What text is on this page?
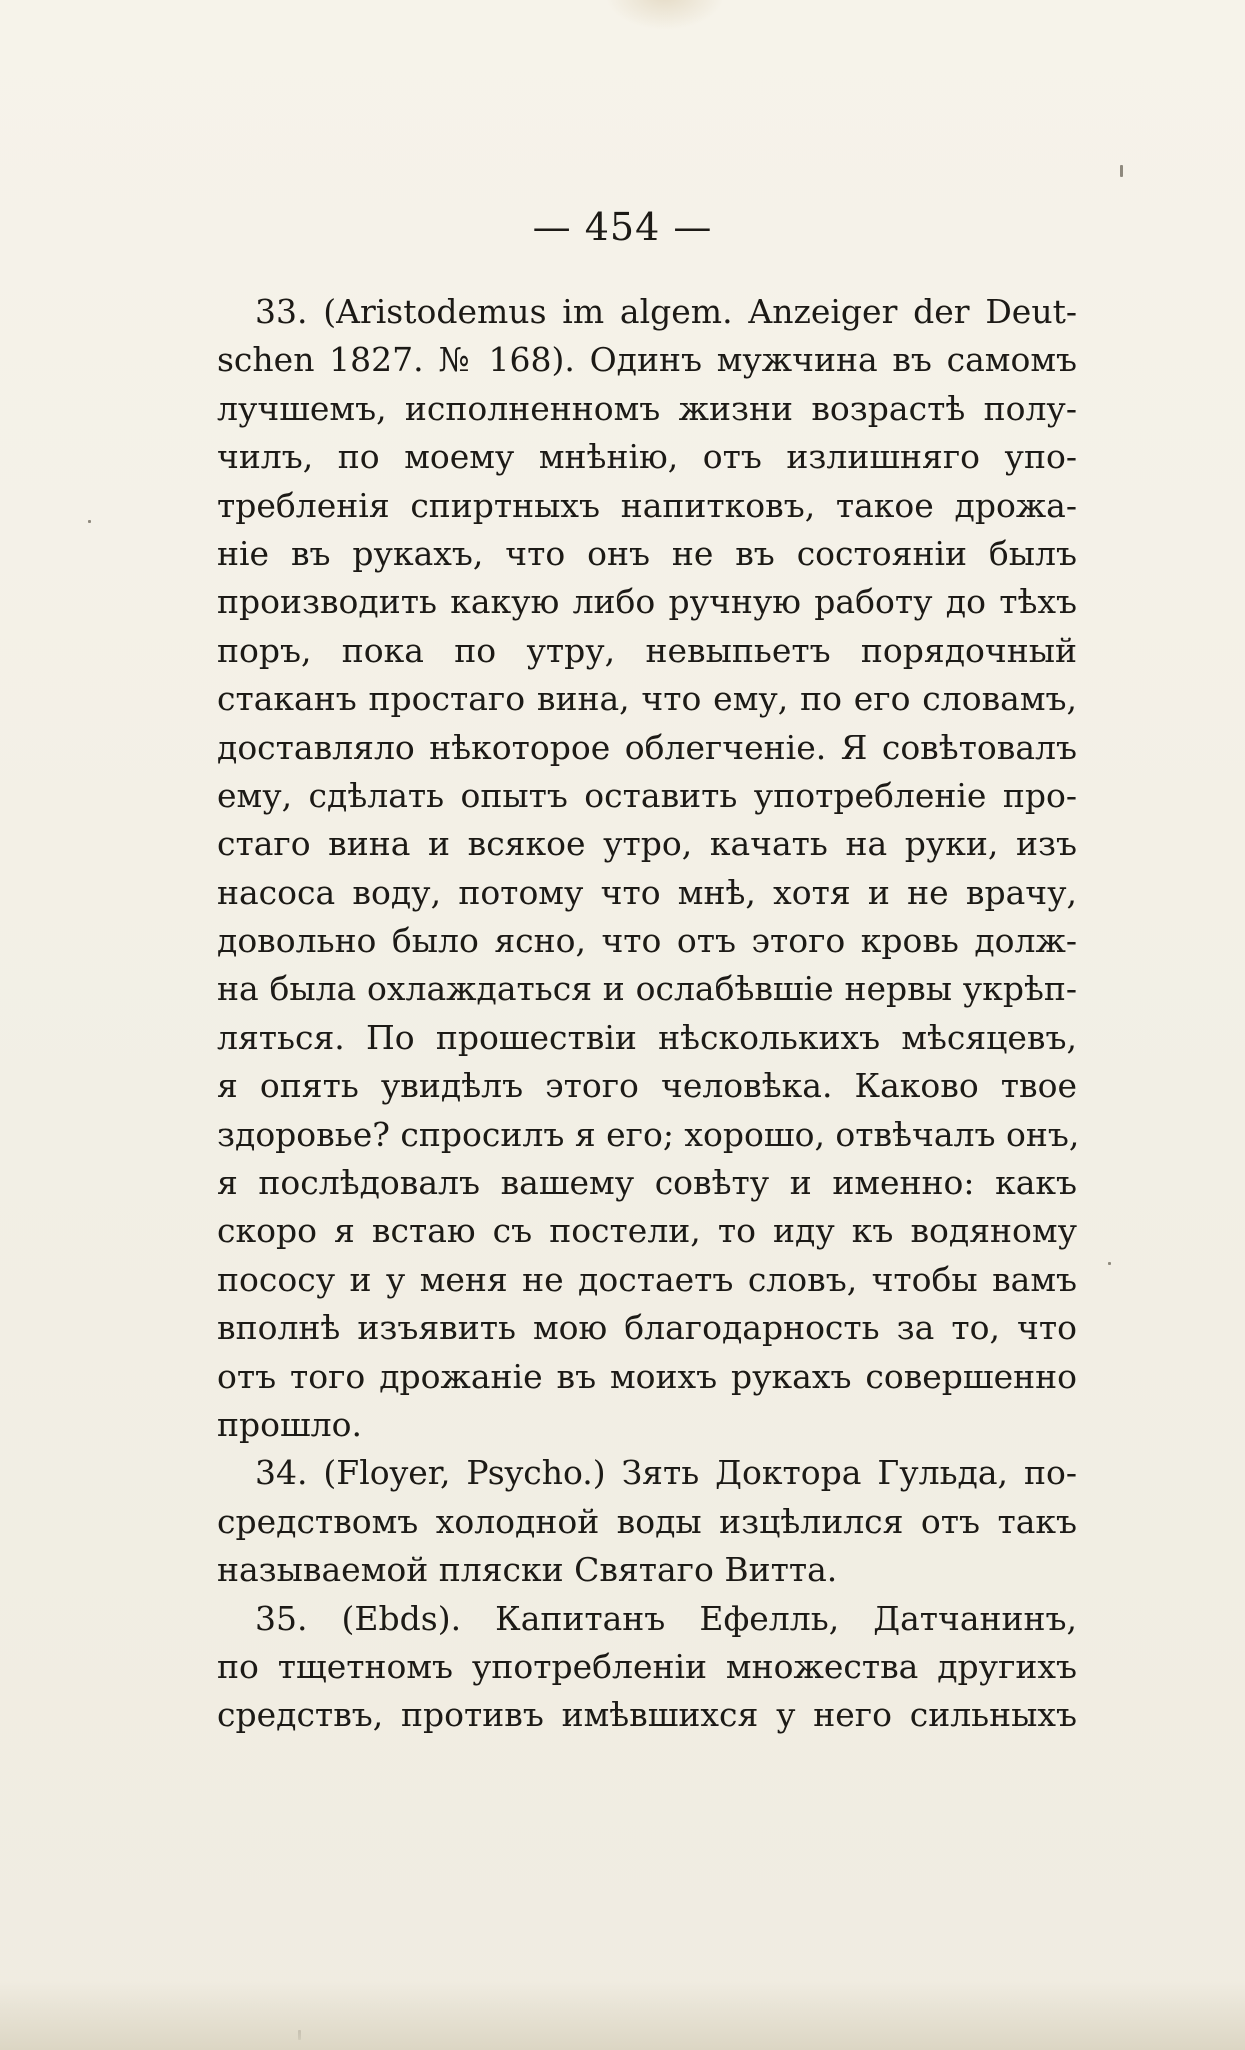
— 454 —
33. (Aristodemus im algem. Anzeiger der Deut-
schen 1827. № 168). Одинъ мужчина въ самомъ
лучшемъ, исполненномъ жизни возрастѣ полу-
чилъ, по моему мнѣнію, отъ излишняго упо-
требленія спиртныхъ напитковъ, такое дрожа-
ніе въ рукахъ, что онъ не въ состояніи былъ
производить какую либо ручную работу до тѣхъ
поръ, пока по утру, невыпьетъ порядочный
стаканъ простаго вина, что ему, по его словамъ,
доставляло нѣкоторое облегченіе. Я совѣтовалъ
ему, сдѣлать опытъ оставить употребленіе про-
стаго вина и всякое утро, качать на руки, изъ
насоса воду, потому что мнѣ, хотя и не врачу,
довольно было ясно, что отъ этого кровь долж-
на была охлаждаться и ослабѣвшіе нервы укрѣп-
ляться. По прошествіи нѣсколькихъ мѣсяцевъ,
я опять увидѣлъ этого человѣка. Каково твое
здоровье? спросилъ я его; хорошо, отвѣчалъ онъ,
я послѣдовалъ вашему совѣту и именно: какъ
скоро я встаю съ постели, то иду къ водяному
пососу и у меня не достаетъ словъ, чтобы вамъ
вполнѣ изъявить мою благодарность за то, что
отъ того дрожаніе въ моихъ рукахъ совершенно
прошло.
34. (Floyer, Psycho.) Зять Доктора Гульда, по-
средствомъ холодной воды изцѣлился отъ такъ
называемой пляски Святаго Витта.
35. (Ebds). Капитанъ Ефелль, Датчанинъ,
по тщетномъ употребленіи множества другихъ
средствъ, противъ имѣвшихся у него сильныхъ
